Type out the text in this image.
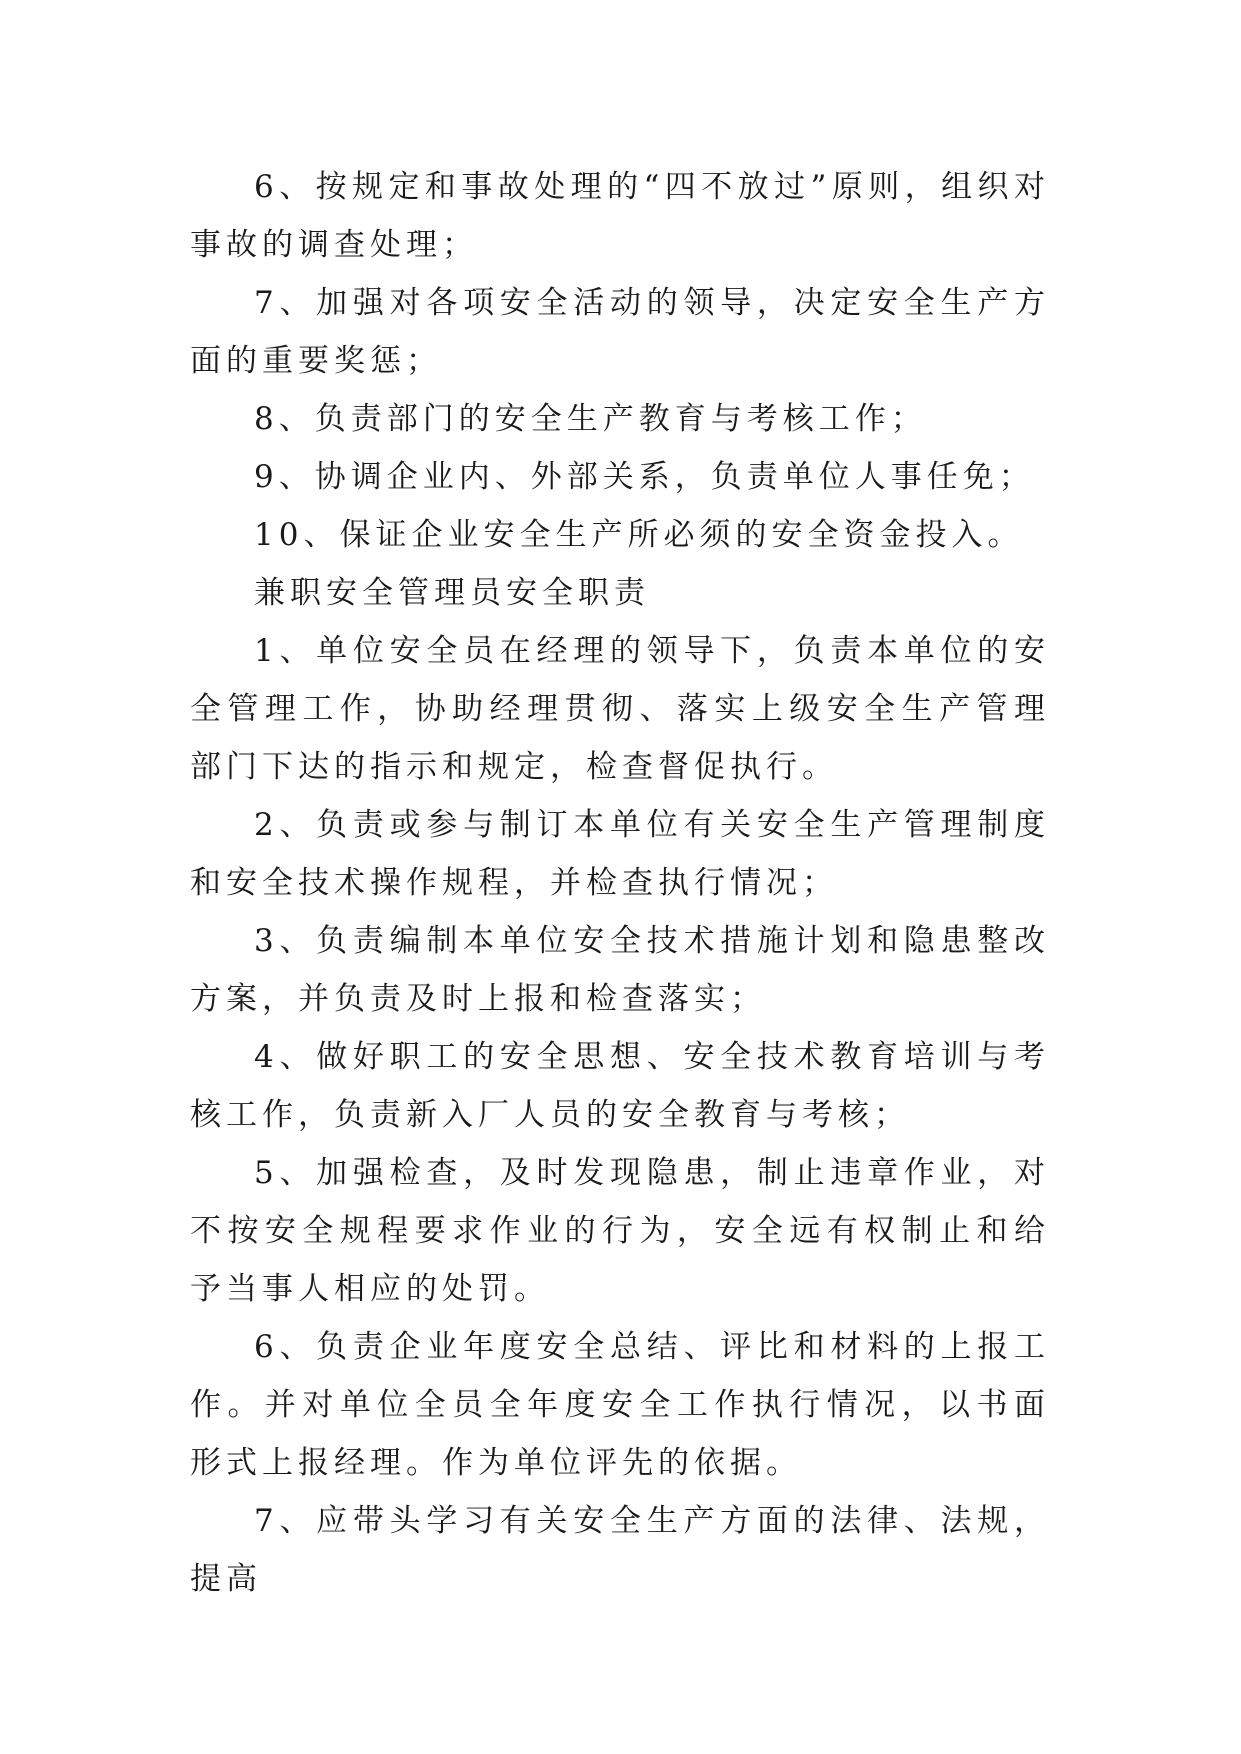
6、按规定和事故处理的“四不放过”原则，组织对事故的调查处理；

7、加强对各项安全活动的领导，决定安全生产方面的重要奖惩；

8、负责部门的安全生产教育与考核工作；

9、协调企业内、外部关系，负责单位人事任免；

10、保证企业安全生产所必须的安全资金投入。

兼职安全管理员安全职责

1、单位安全员在经理的领导下，负责本单位的安全管理工作，协助经理贯彻、落实上级安全生产管理部门下达的指示和规定，检查督促执行。

2、负责或参与制订本单位有关安全生产管理制度和安全技术操作规程，并检查执行情况；

3、负责编制本单位安全技术措施计划和隐患整改方案，并负责及时上报和检查落实；

4、做好职工的安全思想、安全技术教育培训与考核工作，负责新入厂人员的安全教育与考核；

5、加强检查，及时发现隐患，制止违章作业，对不按安全规程要求作业的行为，安全远有权制止和给予当事人相应的处罚。

6、负责企业年度安全总结、评比和材料的上报工作。并对单位全员全年度安全工作执行情况，以书面形式上报经理。作为单位评先的依据。

7、应带头学习有关安全生产方面的法律、法规，提高
